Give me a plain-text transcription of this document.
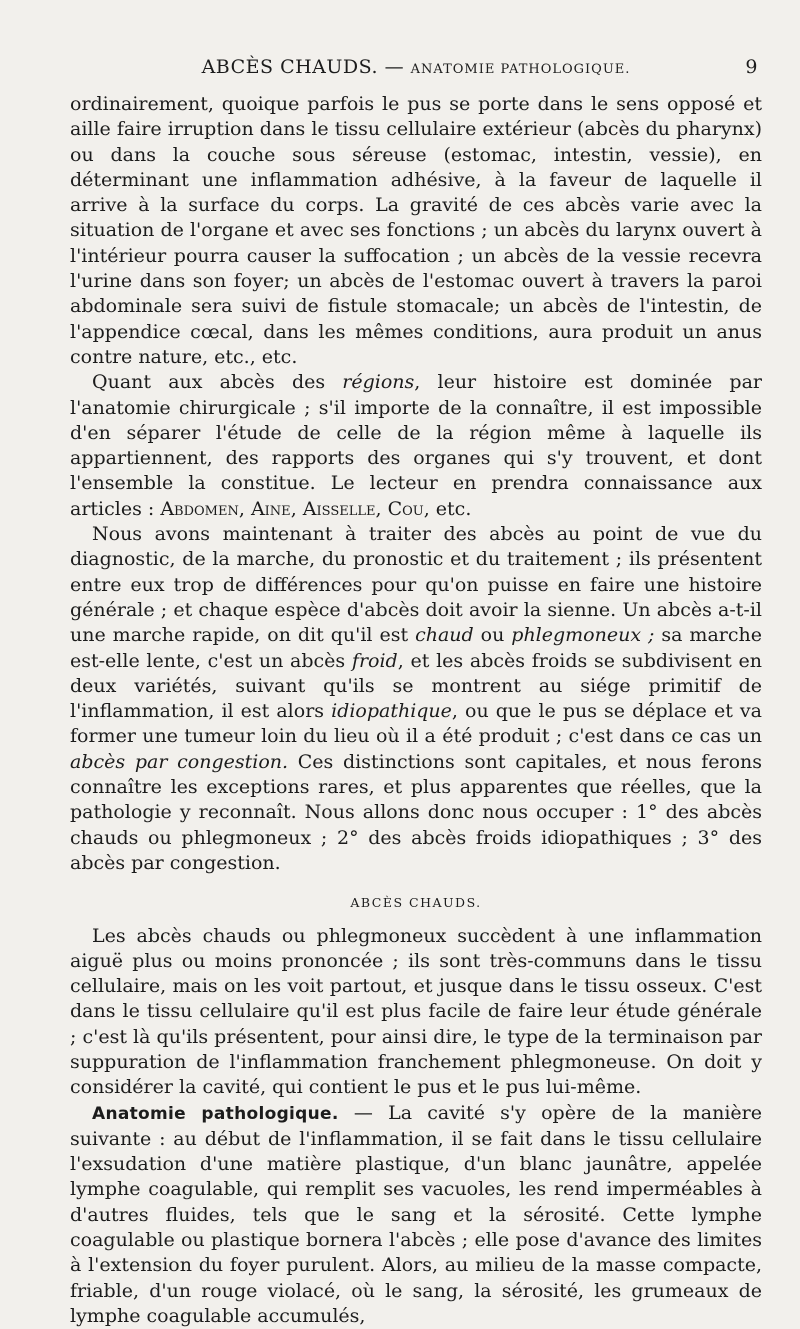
ABCÈS CHAUDS. — ANATOMIE PATHOLOGIQUE.	9

ordinairement, quoique parfois le pus se porte dans le sens opposé et aille faire irruption dans le tissu cellulaire extérieur (abcès du pharynx) ou dans la couche sous séreuse (estomac, intestin, vessie), en déterminant une inflammation adhésive, à la faveur de laquelle il arrive à la surface du corps. La gravité de ces abcès varie avec la situation de l'organe et avec ses fonctions ; un abcès du larynx ouvert à l'intérieur pourra causer la suffocation ; un abcès de la vessie recevra l'urine dans son foyer; un abcès de l'estomac ouvert à travers la paroi abdominale sera suivi de fistule stomacale; un abcès de l'intestin, de l'appendice cœcal, dans les mêmes conditions, aura produit un anus contre nature, etc., etc.

Quant aux abcès des régions, leur histoire est dominée par l'anatomie chirurgicale ; s'il importe de la connaître, il est impossible d'en séparer l'étude de celle de la région même à laquelle ils appartiennent, des rapports des organes qui s'y trouvent, et dont l'ensemble la constitue. Le lecteur en prendra connaissance aux articles : Abdomen, Aine, Aisselle, Cou, etc.

Nous avons maintenant à traiter des abcès au point de vue du diagnostic, de la marche, du pronostic et du traitement ; ils présentent entre eux trop de différences pour qu'on puisse en faire une histoire générale ; et chaque espèce d'abcès doit avoir la sienne. Un abcès a-t-il une marche rapide, on dit qu'il est chaud ou phlegmoneux ; sa marche est-elle lente, c'est un abcès froid, et les abcès froids se subdivisent en deux variétés, suivant qu'ils se montrent au siége primitif de l'inflammation, il est alors idiopathique, ou que le pus se déplace et va former une tumeur loin du lieu où il a été produit ; c'est dans ce cas un abcès par congestion. Ces distinctions sont capitales, et nous ferons connaître les exceptions rares, et plus apparentes que réelles, que la pathologie y reconnaît. Nous allons donc nous occuper : 1° des abcès chauds ou phlegmoneux ; 2° des abcès froids idiopathiques ; 3° des abcès par congestion.

ABCÈS CHAUDS.

Les abcès chauds ou phlegmoneux succèdent à une inflammation aiguë plus ou moins prononcée ; ils sont très-communs dans le tissu cellulaire, mais on les voit partout, et jusque dans le tissu osseux. C'est dans le tissu cellulaire qu'il est plus facile de faire leur étude générale ; c'est là qu'ils présentent, pour ainsi dire, le type de la terminaison par suppuration de l'inflammation franchement phlegmoneuse. On doit y considérer la cavité, qui contient le pus et le pus lui-même.

Anatomie pathologique. — La cavité s'y opère de la manière suivante : au début de l'inflammation, il se fait dans le tissu cellulaire l'exsudation d'une matière plastique, d'un blanc jaunâtre, appelée lymphe coagulable, qui remplit ses vacuoles, les rend imperméables à d'autres fluides, tels que le sang et la sérosité. Cette lymphe coagulable ou plastique bornera l'abcès ; elle pose d'avance des limites à l'extension du foyer purulent. Alors, au milieu de la masse compacte, friable, d'un rouge violacé, où le sang, la sérosité, les grumeaux de lymphe coagulable accumulés,
